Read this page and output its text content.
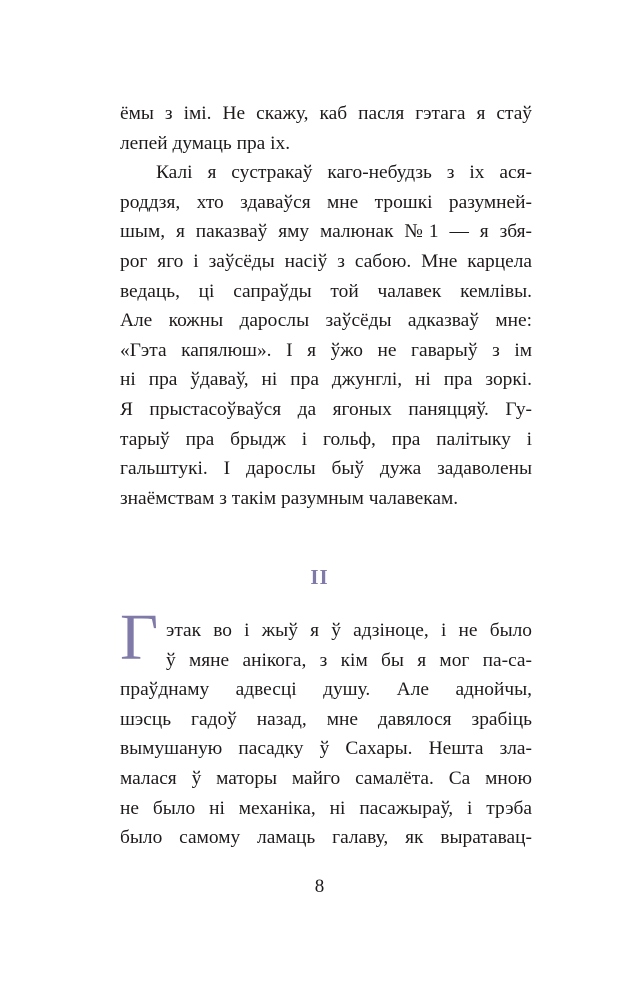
ёмы з імі. Не скажу, каб пасля гэтага я стаў
лепей думаць пра іх.
Калі я сустракаў каго-небудзь з іх ася-
роддзя, хто здаваўся мне трошкі разумней-
шым, я паказваў яму малюнак №1 — я збя-
рог яго і заўсёды насіў з сабою. Мне карцела
ведаць, ці сапраўды той чалавек кемлівы.
Але кожны дарослы заўсёды адказваў мне:
«Гэта капялюш». І я ўжо не гаварыў з ім
ні пра ўдаваў, ні пра джунглі, ні пра зоркі.
Я прыстасоўваўся да ягоных паняццяў. Гу-
тарыў пра брыдж і гольф, пра палітыку і
гальштукі. І дарослы быў дужа задаволены
знаёмствам з такім разумным чалавекам.
II
Г этак во і жыў я ў адзіноце, і не было
ў мяне анікога, з кім бы я мог па-са-
праўднаму адвесці душу. Але аднойчы,
шэсць гадоў назад, мне давялося зрабіць
вымушаную пасадку ў Сахары. Нешта зла-
малася ў маторы майго самалёта. Са мною
не было ні механіка, ні пасажыраў, і трэба
было самому ламаць галаву, як выратавац-
8
